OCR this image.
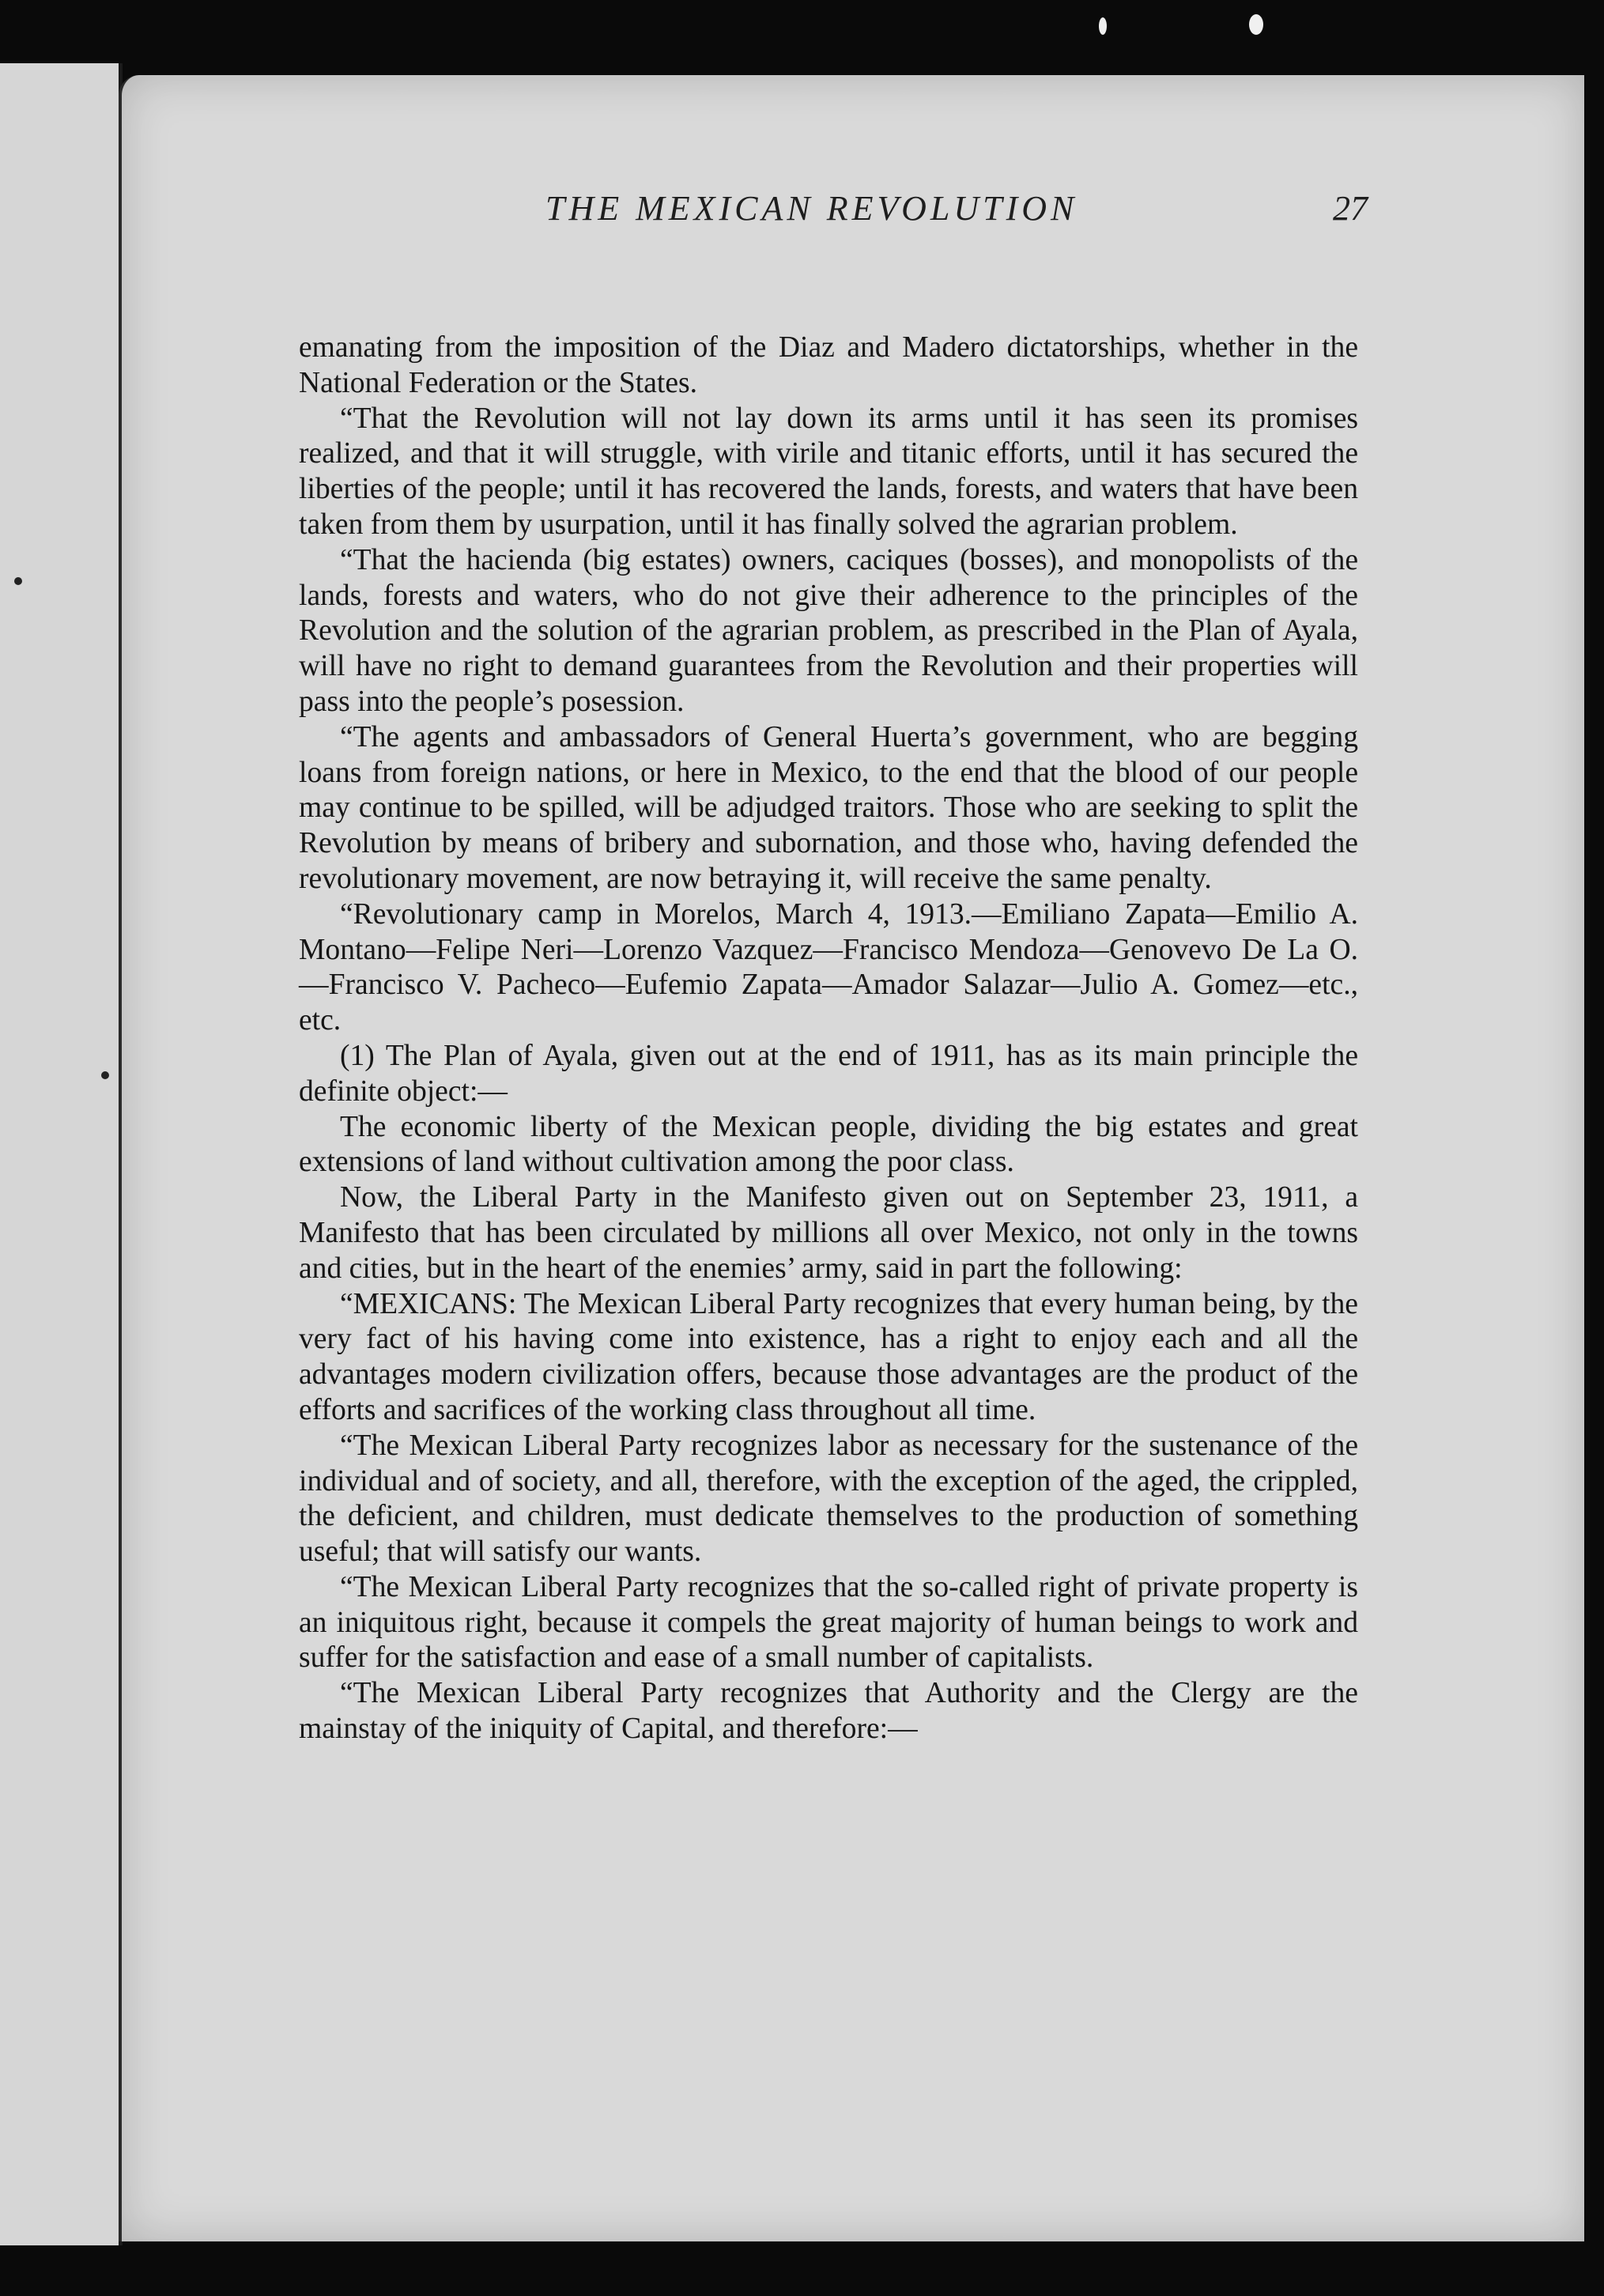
THE MEXICAN REVOLUTION	27

emanating from the imposition of the Diaz and Madero dictatorships, whether in the National Federation or the States.

“That the Revolution will not lay down its arms until it has seen its promises realized, and that it will struggle, with virile and titanic efforts, until it has secured the liberties of the people; until it has recovered the lands, forests, and waters that have been taken from them by usurpation, until it has finally solved the agrarian problem.

“That the hacienda (big estates) owners, caciques (bosses), and monopolists of the lands, forests and waters, who do not give their adherence to the principles of the Revolution and the solution of the agrarian problem, as prescribed in the Plan of Ayala, will have no right to demand guarantees from the Revolution and their properties will pass into the people’s posession.

“The agents and ambassadors of General Huerta’s government, who are begging loans from foreign nations, or here in Mexico, to the end that the blood of our people may continue to be spilled, will be adjudged traitors. Those who are seeking to split the Revolution by means of bribery and subornation, and those who, having defended the revolutionary movement, are now betraying it, will receive the same penalty.

“Revolutionary camp in Morelos, March 4, 1913.—Emiliano Zapata—Emilio A. Montano—Felipe Neri—Lorenzo Vazquez—Francisco Mendoza—Genovevo De La O.—Francisco V. Pacheco—Eufemio Zapata—Amador Salazar—Julio A. Gomez—etc., etc.

(1) The Plan of Ayala, given out at the end of 1911, has as its main principle the definite object:—

The economic liberty of the Mexican people, dividing the big estates and great extensions of land without cultivation among the poor class.

Now, the Liberal Party in the Manifesto given out on September 23, 1911, a Manifesto that has been circulated by millions all over Mexico, not only in the towns and cities, but in the heart of the enemies’ army, said in part the following:

“MEXICANS: The Mexican Liberal Party recognizes that every human being, by the very fact of his having come into existence, has a right to enjoy each and all the advantages modern civilization offers, because those advantages are the product of the efforts and sacrifices of the working class throughout all time.

“The Mexican Liberal Party recognizes labor as necessary for the sustenance of the individual and of society, and all, therefore, with the exception of the aged, the crippled, the deficient, and children, must dedicate themselves to the production of something useful; that will satisfy our wants.

“The Mexican Liberal Party recognizes that the so-called right of private property is an iniquitous right, because it compels the great majority of human beings to work and suffer for the satisfaction and ease of a small number of capitalists.

“The Mexican Liberal Party recognizes that Authority and the Clergy are the mainstay of the iniquity of Capital, and therefore:—
